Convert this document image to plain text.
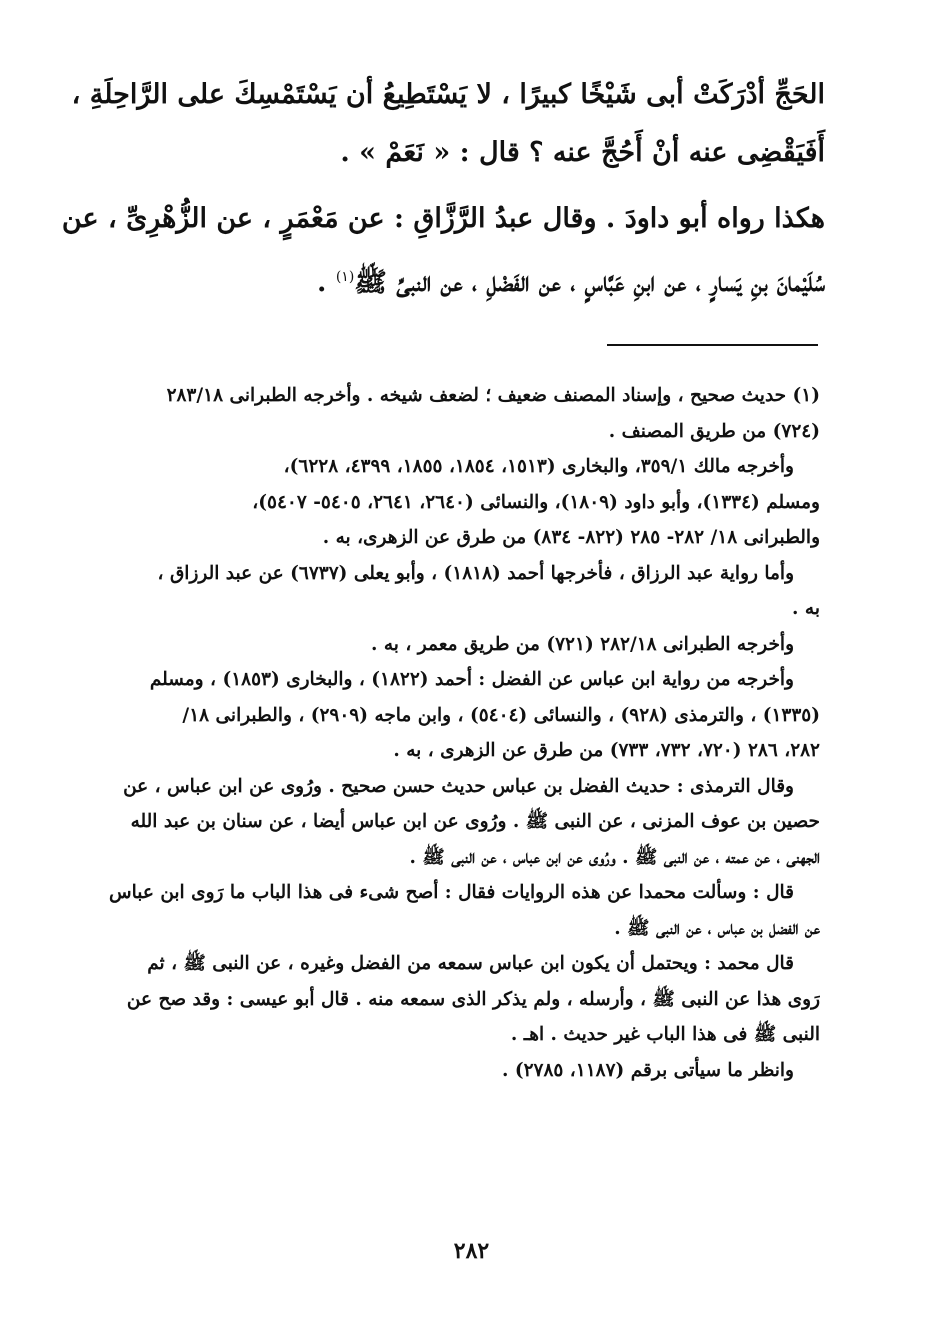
الحَجِّ أدْرَكَتْ أبى شَيْخًا كبيرًا ، لا يَسْتَطِيعُ أن يَسْتَمْسِكَ على الرَّاحِلَةِ ،
أَفَيَقْضِى عنه أنْ أَحُجَّ عنه ؟ قال : « نَعَمْ » .
هكذا رواه أبو داودَ . وقال عبدُ الرَّزَّاقِ : عن مَعْمَرٍ ، عن الزُّهْرِىِّ ، عن
سُلَيْمانَ بنِ يَسارٍ ، عن ابنِ عَبَّاسٍ ، عن الفَضْلِ ، عن النبىِّ ﷺ$^{(١)}$ .
(١) حديث صحيح ، وإسناد المصنف ضعيف ؛ لضعف شيخه . وأخرجه الطبرانى ٢٨٣/١٨
(٧٢٤) من طريق المصنف .
وأخرجه مالك ٣٥٩/١، والبخارى (١٥١٣، ١٨٥٤، ١٨٥٥، ٤٣٩٩، ٦٢٢٨)،
ومسلم (١٣٣٤)، وأبو داود (١٨٠٩)، والنسائى (٢٦٤٠، ٢٦٤١، ٥٤٠٥- ٥٤٠٧)،
والطبرانى ١٨/ ٢٨٢- ٢٨٥ (٨٢٢- ٨٣٤) من طرق عن الزهرى، به .
وأما رواية عبد الرزاق ، فأخرجها أحمد (١٨١٨) ، وأبو يعلى (٦٧٣٧) عن عبد الرزاق ،
به .
وأخرجه الطبرانى ٢٨٢/١٨ (٧٢١) من طريق معمر ، به .
وأخرجه من رواية ابن عباس عن الفضل : أحمد (١٨٢٢) ، والبخارى (١٨٥٣) ، ومسلم
(١٣٣٥) ، والترمذى (٩٢٨) ، والنسائى (٥٤٠٤) ، وابن ماجه (٢٩٠٩) ، والطبرانى ١٨/
٢٨٢، ٢٨٦ (٧٢٠، ٧٣٢، ٧٣٣) من طرق عن الزهرى ، به .
وقال الترمذى : حديث الفضل بن عباس حديث حسن صحيح . ورُوى عن ابن عباس ، عن
حصين بن عوف المزنى ، عن النبى ﷺ . ورُوى عن ابن عباس أيضا ، عن سنان بن عبد الله
الجهنى ، عن عمته ، عن النبى ﷺ . ورُوى عن ابن عباس ، عن النبى ﷺ .
قال : وسألت محمدا عن هذه الروايات فقال : أصح شىء فى هذا الباب ما رَوى ابن عباس
عن الفضل بن عباس ، عن النبى ﷺ .
قال محمد : ويحتمل أن يكون ابن عباس سمعه من الفضل وغيره ، عن النبى ﷺ ، ثم
رَوى هذا عن النبى ﷺ ، وأرسله ، ولم يذكر الذى سمعه منه . قال أبو عيسى : وقد صح عن
النبى ﷺ فى هذا الباب غير حديث . اهـ .
وانظر ما سيأتى برقم (١١٨٧، ٢٧٨٥) .
٢٨٢
